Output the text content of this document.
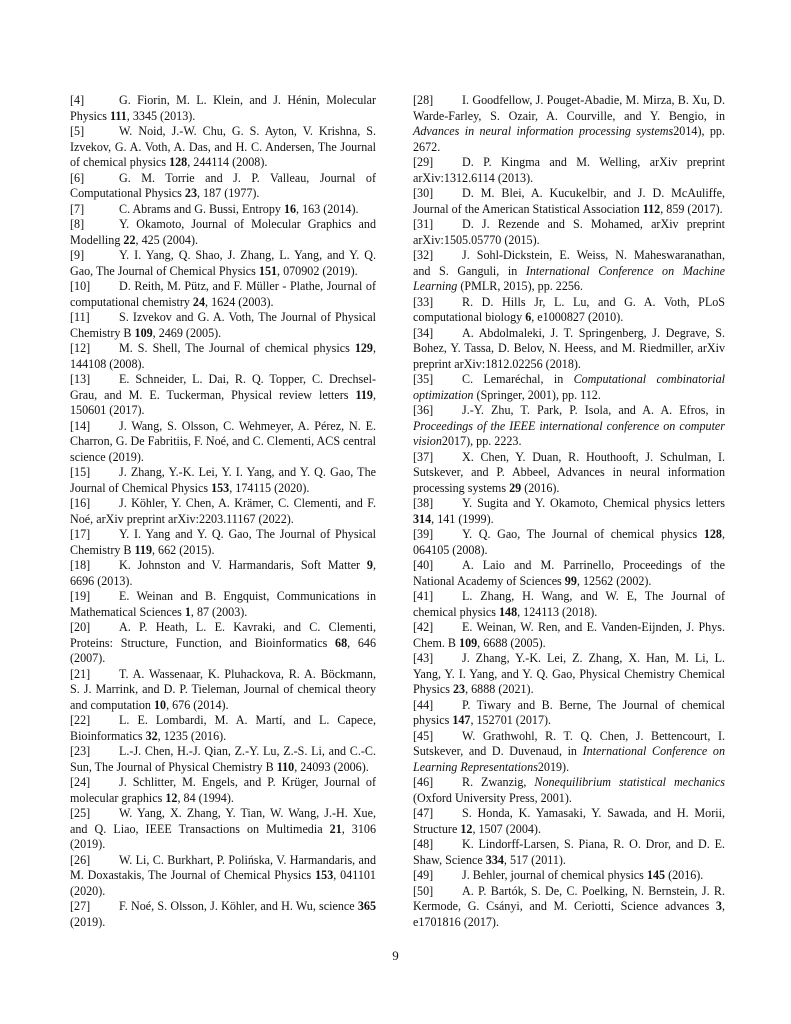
[4]	G. Fiorin, M. L. Klein, and J. Hénin, Molecular Physics 111, 3345 (2013).

[5]	W. Noid, J.-W. Chu, G. S. Ayton, V. Krishna, S. Izvekov, G. A. Voth, A. Das, and H. C. Andersen, The Journal of chemical physics 128, 244114 (2008).

[6]	G. M. Torrie and J. P. Valleau, Journal of Computational Physics 23, 187 (1977).

[7]	C. Abrams and G. Bussi, Entropy 16, 163 (2014).

[8]	Y. Okamoto, Journal of Molecular Graphics and Modelling 22, 425 (2004).

[9]	Y. I. Yang, Q. Shao, J. Zhang, L. Yang, and Y. Q. Gao, The Journal of Chemical Physics 151, 070902 (2019).

[10] D. Reith, M. Pütz, and F. Müller - Plathe, Journal of computational chemistry 24, 1624 (2003).

[11] S. Izvekov and G. A. Voth, The Journal of Physical Chemistry B 109, 2469 (2005).

[12] M. S. Shell, The Journal of chemical physics 129, 144108 (2008).

[13] E. Schneider, L. Dai, R. Q. Topper, C. Drechsel-Grau, and M. E. Tuckerman, Physical review letters 119, 150601 (2017).

[14] J. Wang, S. Olsson, C. Wehmeyer, A. Pérez, N. E. Charron, G. De Fabritiis, F. Noé, and C. Clementi, ACS central science (2019).

[15] J. Zhang, Y.-K. Lei, Y. I. Yang, and Y. Q. Gao, The Journal of Chemical Physics 153, 174115 (2020).

[16] J. Köhler, Y. Chen, A. Krämer, C. Clementi, and F. Noé, arXiv preprint arXiv:2203.11167 (2022).

[17] Y. I. Yang and Y. Q. Gao, The Journal of Physical Chemistry B 119, 662 (2015).

[18] K. Johnston and V. Harmandaris, Soft Matter 9, 6696 (2013).

[19] E. Weinan and B. Engquist, Communications in Mathematical Sciences 1, 87 (2003).

[20] A. P. Heath, L. E. Kavraki, and C. Clementi, Proteins: Structure, Function, and Bioinformatics 68, 646 (2007).

[21] T. A. Wassenaar, K. Pluhackova, R. A. Böckmann, S. J. Marrink, and D. P. Tieleman, Journal of chemical theory and computation 10, 676 (2014).

[22] L. E. Lombardi, M. A. Martí, and L. Capece, Bioinformatics 32, 1235 (2016).

[23] L.-J. Chen, H.-J. Qian, Z.-Y. Lu, Z.-S. Li, and C.-C. Sun, The Journal of Physical Chemistry B 110, 24093 (2006).

[24] J. Schlitter, M. Engels, and P. Krüger, Journal of molecular graphics 12, 84 (1994).

[25] W. Yang, X. Zhang, Y. Tian, W. Wang, J.-H. Xue, and Q. Liao, IEEE Transactions on Multimedia 21, 3106 (2019).

[26] W. Li, C. Burkhart, P. Polińska, V. Harmandaris, and M. Doxastakis, The Journal of Chemical Physics 153, 041101 (2020).

[27] F. Noé, S. Olsson, J. Köhler, and H. Wu, science 365 (2019).

[28] I. Goodfellow, J. Pouget-Abadie, M. Mirza, B. Xu, D. Warde-Farley, S. Ozair, A. Courville, and Y. Bengio, in Advances in neural information processing systems2014), pp. 2672.

[29] D. P. Kingma and M. Welling, arXiv preprint arXiv:1312.6114 (2013).

[30] D. M. Blei, A. Kucukelbir, and J. D. McAuliffe, Journal of the American Statistical Association 112, 859 (2017).

[31] D. J. Rezende and S. Mohamed, arXiv preprint arXiv:1505.05770 (2015).

[32] J. Sohl-Dickstein, E. Weiss, N. Maheswaranathan, and S. Ganguli, in International Conference on Machine Learning (PMLR, 2015), pp. 2256.

[33] R. D. Hills Jr, L. Lu, and G. A. Voth, PLoS computational biology 6, e1000827 (2010).

[34] A. Abdolmaleki, J. T. Springenberg, J. Degrave, S. Bohez, Y. Tassa, D. Belov, N. Heess, and M. Riedmiller, arXiv preprint arXiv:1812.02256 (2018).

[35] C. Lemaréchal, in Computational combinatorial optimization (Springer, 2001), pp. 112.

[36] J.-Y. Zhu, T. Park, P. Isola, and A. A. Efros, in Proceedings of the IEEE international conference on computer vision2017), pp. 2223.

[37] X. Chen, Y. Duan, R. Houthooft, J. Schulman, I. Sutskever, and P. Abbeel, Advances in neural information processing systems 29 (2016).

[38] Y. Sugita and Y. Okamoto, Chemical physics letters 314, 141 (1999).

[39] Y. Q. Gao, The Journal of chemical physics 128, 064105 (2008).

[40] A. Laio and M. Parrinello, Proceedings of the National Academy of Sciences 99, 12562 (2002).

[41] L. Zhang, H. Wang, and W. E, The Journal of chemical physics 148, 124113 (2018).

[42] E. Weinan, W. Ren, and E. Vanden-Eijnden, J. Phys. Chem. B 109, 6688 (2005).

[43] J. Zhang, Y.-K. Lei, Z. Zhang, X. Han, M. Li, L. Yang, Y. I. Yang, and Y. Q. Gao, Physical Chemistry Chemical Physics 23, 6888 (2021).

[44] P. Tiwary and B. Berne, The Journal of chemical physics 147, 152701 (2017).

[45] W. Grathwohl, R. T. Q. Chen, J. Bettencourt, I. Sutskever, and D. Duvenaud, in International Conference on Learning Representations2019).

[46] R. Zwanzig, Nonequilibrium statistical mechanics (Oxford University Press, 2001).

[47] S. Honda, K. Yamasaki, Y. Sawada, and H. Morii, Structure 12, 1507 (2004).

[48] K. Lindorff-Larsen, S. Piana, R. O. Dror, and D. E. Shaw, Science 334, 517 (2011).

[49] J. Behler, journal of chemical physics 145 (2016).

[50] A. P. Bartók, S. De, C. Poelking, N. Bernstein, J. R. Kermode, G. Csányi, and M. Ceriotti, Science advances 3, e1701816 (2017).

9
